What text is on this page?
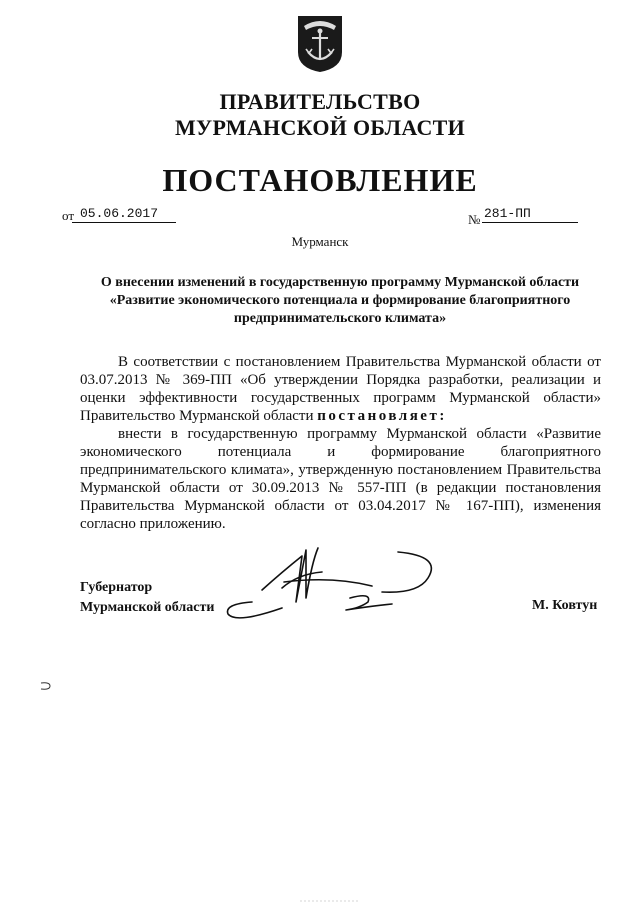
ПРАВИТЕЛЬСТВО
МУРМАНСКОЙ ОБЛАСТИ
ПОСТАНОВЛЕНИЕ
от 05.06.2017	№ 281-ПП
Мурманск
О внесении изменений в государственную программу Мурманской области
«Развитие экономического потенциала и формирование благоприятного
предпринимательского климата»

В соответствии с постановлением Правительства Мурманской области от 03.07.2013 № 369-ПП «Об утверждении Порядка разработки, реализации и оценки эффективности государственных программ Мурманской области» Правительство Мурманской области постановляет:

внести в государственную программу Мурманской области «Развитие экономического потенциала и формирование благоприятного предпринимательского климата», утвержденную постановлением Правительства Мурманской области от 30.09.2013 № 557-ПП (в редакции постановления Правительства Мурманской области от 03.04.2017 № 167-ПП), изменения согласно приложению.

Губернатор
Мурманской области	М. Ковтун
